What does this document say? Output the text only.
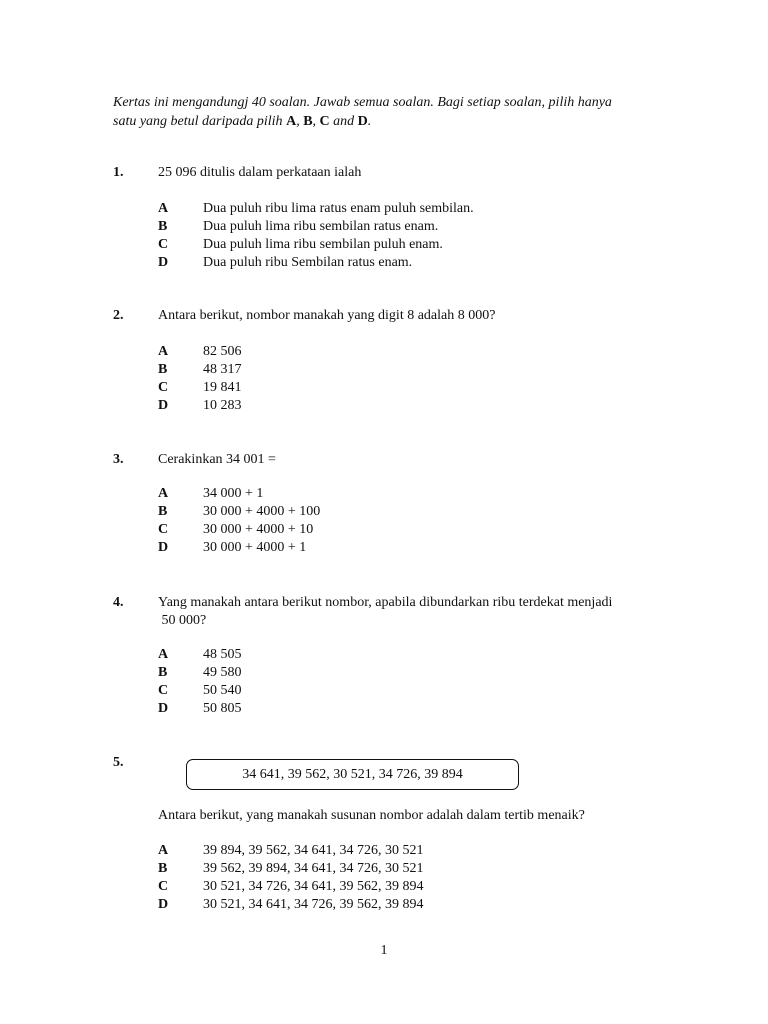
Kertas ini mengandungj 40 soalan. Jawab semua soalan. Bagi setiap soalan, pilih hanya
satu yang betul daripada pilih A, B, C and D.
1. 25 096 ditulis dalam perkataan ialah
A Dua puluh ribu lima ratus enam puluh sembilan.
B	Dua puluh lima ribu sembilan ratus enam.
C Dua puluh lima ribu sembilan puluh enam.
D Dua puluh ribu Sembilan ratus enam.
2. Antara berikut, nombor manakah yang digit 8 adalah 8 000?
A 82 506
B	48 317
C 19 841
D 10 283
3. Cerakinkan 34 001 =
A 34 000 + 1
B	30 000 + 4000 + 100
C 30 000 + 4000 + 10
D 30 000 + 4000 + 1
4. Yang manakah antara berikut nombor, apabila dibundarkan ribu terdekat menjadi
50 000?
A 48 505
B	49 580
C 50 540
D 50 805
5.
34 641, 39 562, 30 521, 34 726, 39 894
Antara berikut, yang manakah susunan nombor adalah dalam tertib menaik?
A 39 894, 39 562, 34 641, 34 726, 30 521
B	39 562, 39 894, 34 641, 34 726, 30 521
C 30 521, 34 726, 34 641, 39 562, 39 894
D 30 521, 34 641, 34 726, 39 562, 39 894
1
